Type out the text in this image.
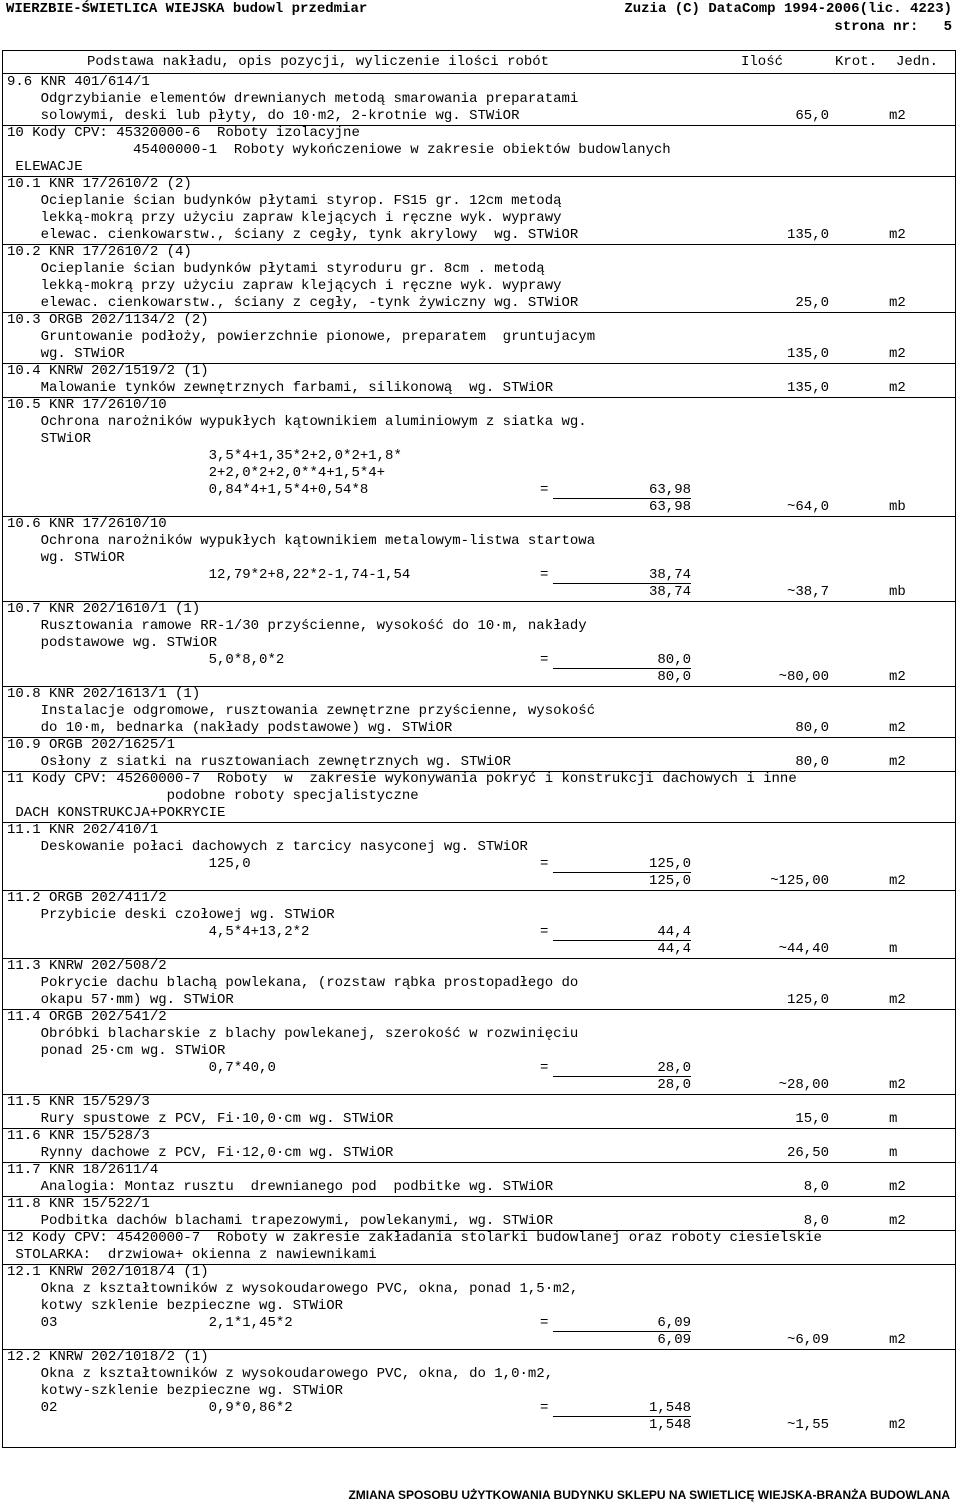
WIERZBIE-ŚWIETLICA WIEJSKA budowl przedmiar	Zuzia (C) DataComp 1994-2006(lic. 4223)
strona nr:   5
Podstawa nakładu, opis pozycji, wyliczenie ilości robót	Ilość	Krot. Jedn.
9.6 KNR 401/614/1
Odgrzybianie elementów drewnianych metodą smarowania preparatami
solowymi, deski lub płyty, do 10·m2, 2-krotnie wg. STWiOR	65,0	m2
10 Kody CPV: 45320000-6  Roboty izolacyjne
45400000-1  Roboty wykończeniowe w zakresie obiektów budowlanych
ELEWACJE
10.1 KNR 17/2610/2 (2)
Ocieplanie ścian budynków płytami styrop. FS15 gr. 12cm metodą
lekką-mokrą przy użyciu zapraw klejących i ręczne wyk. wyprawy
elewac. cienkowarstw., ściany z cegły, tynk akrylowy  wg. STWiOR	135,0	m2
10.2 KNR 17/2610/2 (4)
Ocieplanie ścian budynków płytami styroduru gr. 8cm . metodą
lekką-mokrą przy użyciu zapraw klejących i ręczne wyk. wyprawy
elewac. cienkowarstw., ściany z cegły, -tynk żywiczny wg. STWiOR	25,0	m2
10.3 ORGB 202/1134/2 (2)
Gruntowanie podłoży, powierzchnie pionowe, preparatem  gruntujacym
wg. STWiOR	135,0	m2
10.4 KNRW 202/1519/2 (1)
Malowanie tynków zewnętrznych farbami, silikonową  wg. STWiOR	135,0	m2
10.5 KNR 17/2610/10
Ochrona narożników wypukłych kątownikiem aluminiowym z siatka wg.
STWiOR
3,5*4+1,35*2+2,0*2+1,8*
2+2,0*2+2,0**4+1,5*4+
0,84*4+1,5*4+0,54*8	=	63,98
63,98	~64,0	mb
10.6 KNR 17/2610/10
Ochrona narożników wypukłych kątownikiem metalowym-listwa startowa
wg. STWiOR
12,79*2+8,22*2-1,74-1,54	=	38,74
38,74	~38,7	mb
10.7 KNR 202/1610/1 (1)
Rusztowania ramowe RR-1/30 przyścienne, wysokość do 10·m, nakłady
podstawowe wg. STWiOR
5,0*8,0*2	=	80,0
80,0	~80,00	m2
10.8 KNR 202/1613/1 (1)
Instalacje odgromowe, rusztowania zewnętrzne przyścienne, wysokość
do 10·m, bednarka (nakłady podstawowe) wg. STWiOR	80,0	m2
10.9 ORGB 202/1625/1
Osłony z siatki na rusztowaniach zewnętrznych wg. STWiOR	80,0	m2
11 Kody CPV: 45260000-7  Roboty  w  zakresie wykonywania pokryć i konstrukcji dachowych i inne
podobne roboty specjalistyczne
DACH KONSTRUKCJA+POKRYCIE
11.1 KNR 202/410/1
Deskowanie połaci dachowych z tarcicy nasyconej wg. STWiOR
125,0	=	125,0
125,0	~125,00	m2
11.2 ORGB 202/411/2
Przybicie deski czołowej wg. STWiOR
4,5*4+13,2*2	=	44,4
44,4	~44,40	m
11.3 KNRW 202/508/2
Pokrycie dachu blachą powlekana, (rozstaw rąbka prostopadłego do
okapu 57·mm) wg. STWiOR	125,0	m2
11.4 ORGB 202/541/2
Obróbki blacharskie z blachy powlekanej, szerokość w rozwinięciu
ponad 25·cm wg. STWiOR
0,7*40,0	=	28,0
28,0	~28,00	m2
11.5 KNR 15/529/3
Rury spustowe z PCV, Fi·10,0·cm wg. STWiOR	15,0	m
11.6 KNR 15/528/3
Rynny dachowe z PCV, Fi·12,0·cm wg. STWiOR	26,50	m
11.7 KNR 18/2611/4
Analogia: Montaz rusztu  drewnianego pod  podbitke wg. STWiOR	8,0	m2
11.8 KNR 15/522/1
Podbitka dachów blachami trapezowymi, powlekanymi, wg. STWiOR	8,0	m2
12 Kody CPV: 45420000-7  Roboty w zakresie zakładania stolarki budowlanej oraz roboty ciesielskie
STOLARKA:  drzwiowa+ okienna z nawiewnikami
12.1 KNRW 202/1018/4 (1)
Okna z kształtowników z wysokoudarowego PVC, okna, ponad 1,5·m2,
kotwy szklenie bezpieczne wg. STWiOR
03                  2,1*1,45*2	=	6,09
6,09	~6,09	m2
12.2 KNRW 202/1018/2 (1)
Okna z kształtowników z wysokoudarowego PVC, okna, do 1,0·m2,
kotwy-szklenie bezpieczne wg. STWiOR
02                  0,9*0,86*2	=	1,548
1,548	~1,55	m2
ZMIANA SPOSOBU UŻYTKOWANIA BUDYNKU SKLEPU NA SWIETLICĘ WIEJSKA-BRANŻA BUDOWLANA
